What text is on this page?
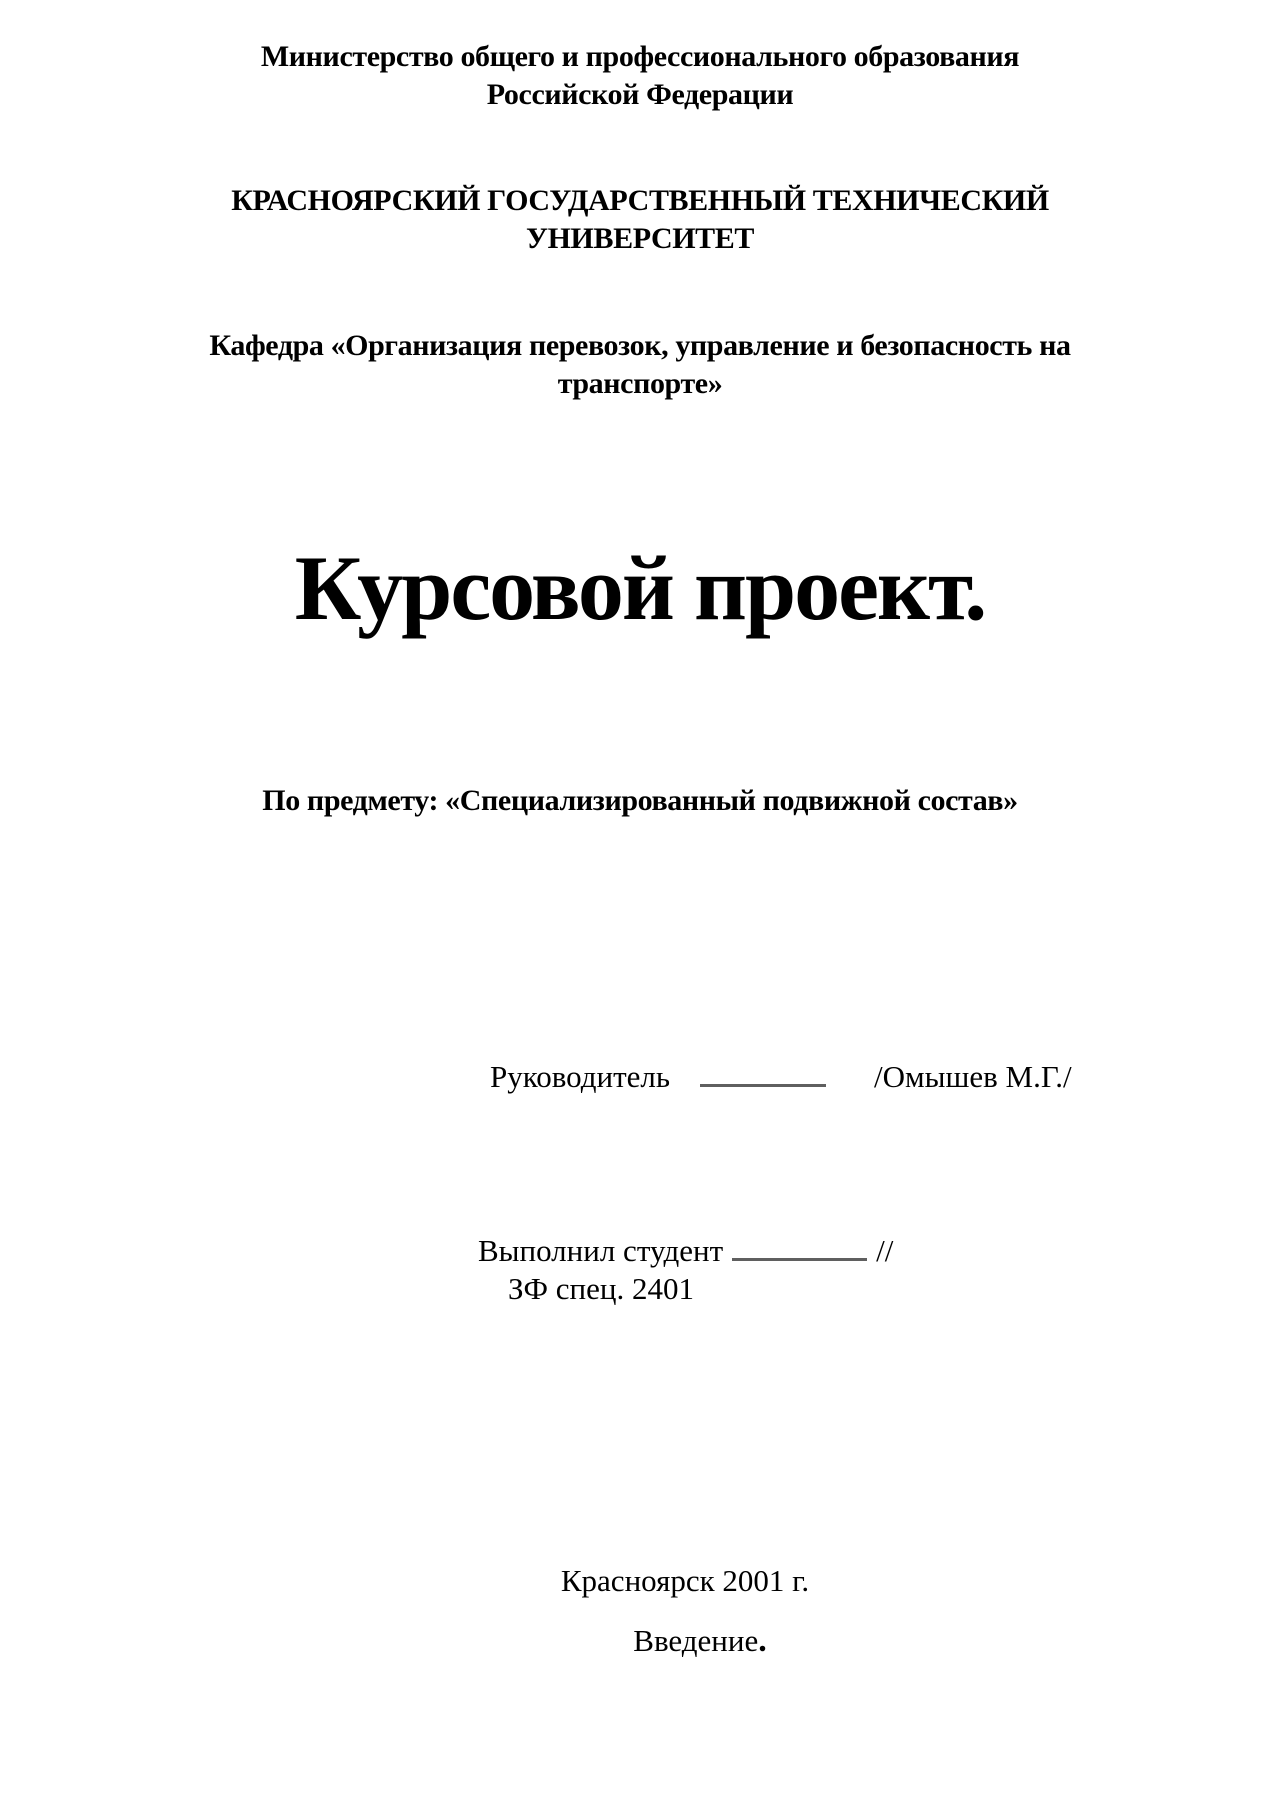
Министерство общего и профессионального образования
Российской Федерации
КРАСНОЯРСКИЙ ГОСУДАРСТВЕННЫЙ ТЕХНИЧЕСКИЙ
УНИВЕРСИТЕТ
Кафедра «Организация перевозок, управление и безопасность на
транспорте»
Курсовой проект.
По предмету: «Специализированный подвижной состав»
Руководитель	/Омышев М.Г./
Выполнил студент	//
ЗФ спец. 2401
Красноярск 2001 г.
Введение.
